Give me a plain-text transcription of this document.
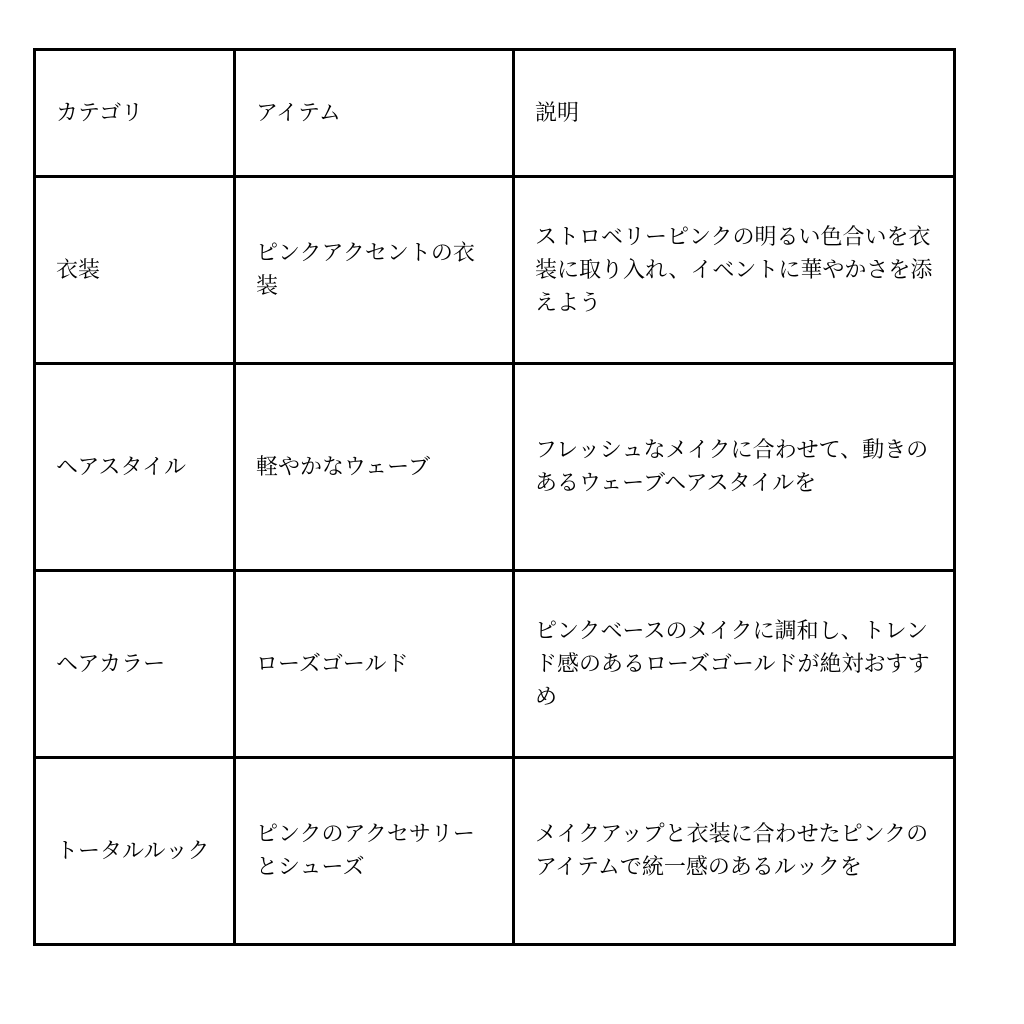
カテゴリ	アイテム	説明
衣装	ピンクアクセントの衣装	ストロベリーピンクの明るい色合いを衣装に取り入れ、イベントに華やかさを添えよう
ヘアスタイル	軽やかなウェーブ	フレッシュなメイクに合わせて、動きのあるウェーブヘアスタイルを
ヘアカラー	ローズゴールド	ピンクベースのメイクに調和し、トレンド感のあるローズゴールドが絶対おすすめ
トータルルック	ピンクのアクセサリーとシューズ	メイクアップと衣装に合わせたピンクのアイテムで統一感のあるルックを
